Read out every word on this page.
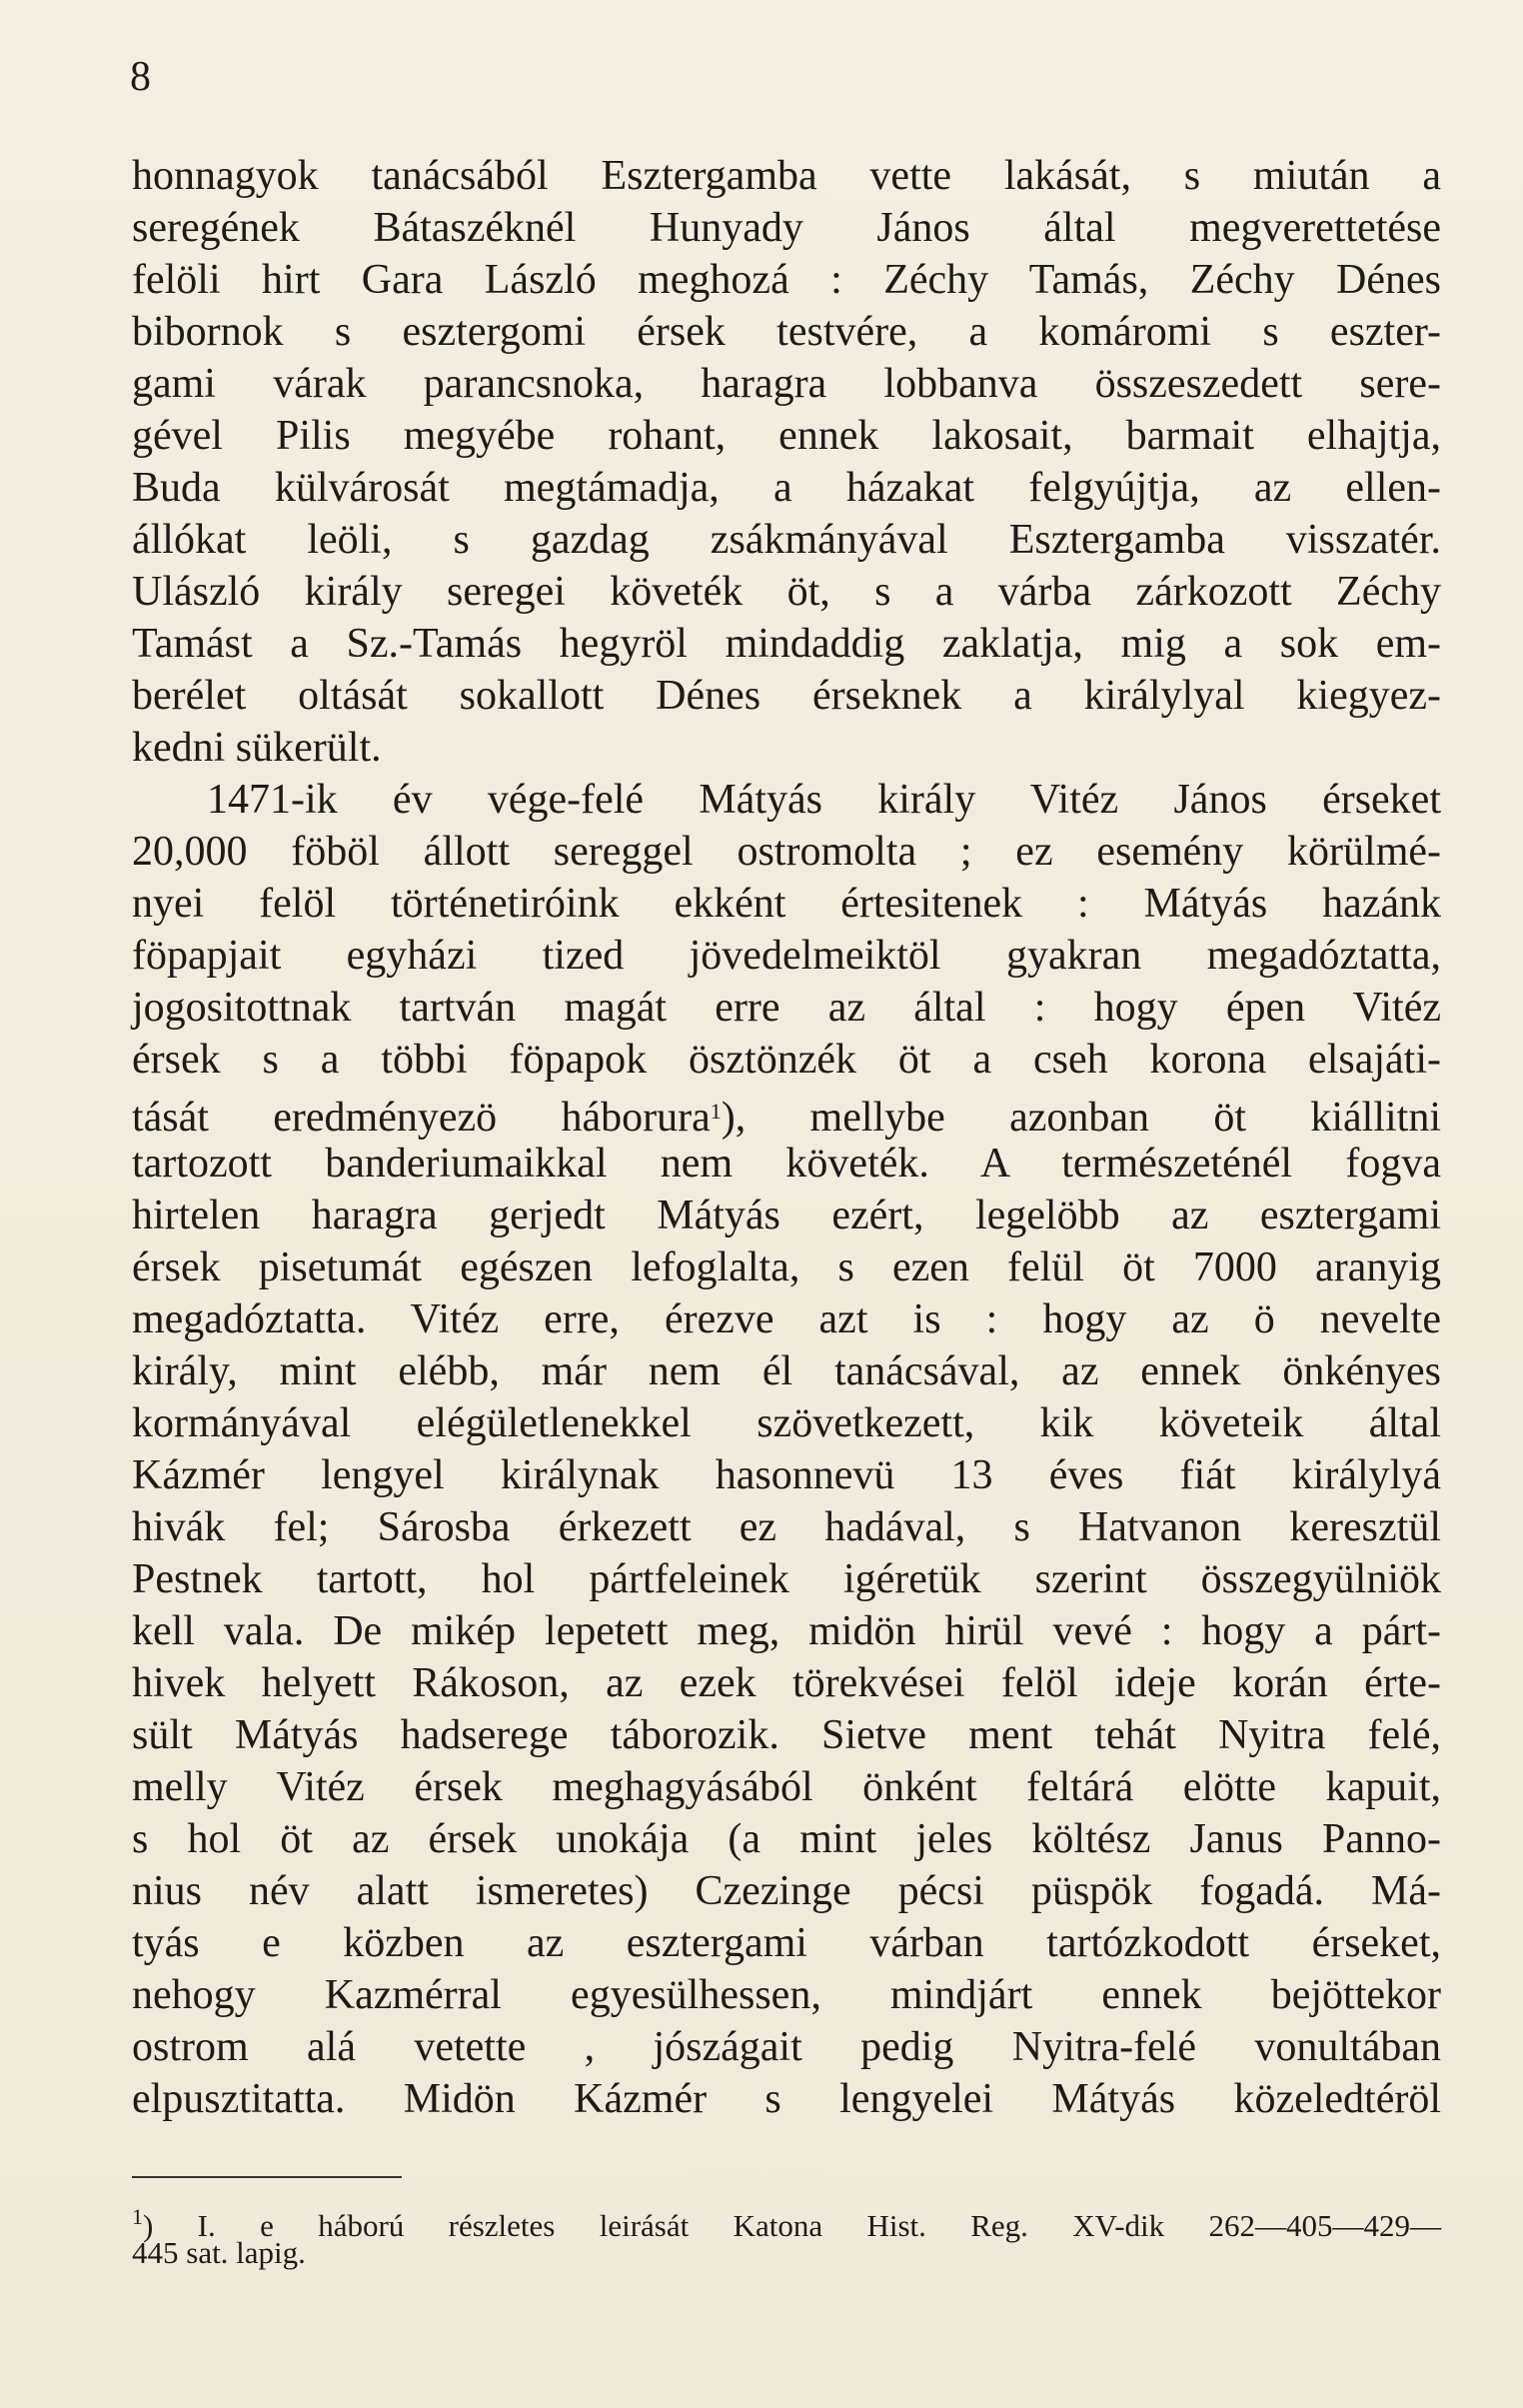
8
honnagyok tanácsából Esztergamba vette lakását, s miután a
seregének Bátaszéknél Hunyady János által megverettetése
felöli hirt Gara László meghozá : Zéchy Tamás, Zéchy Dénes
bibornok s esztergomi érsek testvére, a komáromi s eszter-
gami várak parancsnoka, haragra lobbanva összeszedett sere-
gével Pilis megyébe rohant, ennek lakosait, barmait elhajtja,
Buda külvárosát megtámadja, a házakat felgyújtja, az ellen-
állókat leöli, s gazdag zsákmányával Esztergamba visszatér.
Ulászló király seregei követék öt, s a várba zárkozott Zéchy
Tamást a Sz.-Tamás hegyröl mindaddig zaklatja, mig a sok em-
berélet oltását sokallott Dénes érseknek a királylyal kiegyez-
kedni sükerült.
1471-ik év vége-felé Mátyás király Vitéz János érseket
20,000 föböl állott sereggel ostromolta ; ez esemény körülmé-
nyei felöl történetiróink ekként értesitenek : Mátyás hazánk
föpapjait egyházi tized jövedelmeiktöl gyakran megadóztatta,
jogositottnak tartván magát erre az által : hogy épen Vitéz
érsek s a többi föpapok ösztönzék öt a cseh korona elsajáti-
tását eredményezö háborura$^1$), mellybe azonban öt kiállitni
tartozott banderiumaikkal nem követék. A természeténél fogva
hirtelen haragra gerjedt Mátyás ezért, legelöbb az esztergami
érsek pisetumát egészen lefoglalta, s ezen felül öt 7000 aranyig
megadóztatta. Vitéz erre, érezve azt is : hogy az ö nevelte
király, mint elébb, már nem él tanácsával, az ennek önkényes
kormányával elégületlenekkel szövetkezett, kik követeik által
Kázmér lengyel királynak hasonnevü 13 éves fiát királylyá
hivák fel; Sárosba érkezett ez hadával, s Hatvanon keresztül
Pestnek tartott, hol pártfeleinek igéretük szerint összegyülniök
kell vala. De mikép lepetett meg, midön hirül vevé : hogy a párt-
hivek helyett Rákoson, az ezek törekvései felöl ideje korán érte-
sült Mátyás hadserege táborozik. Sietve ment tehát Nyitra felé,
melly Vitéz érsek meghagyásából önként feltárá elötte kapuit,
s hol öt az érsek unokája (a mint jeles költész Janus Panno-
nius név alatt ismeretes) Czezinge pécsi püspök fogadá. Má-
tyás e közben az esztergami várban tartózkodott érseket,
nehogy Kazmérral egyesülhessen, mindjárt ennek bejöttekor
ostrom alá vetette , jószágait pedig Nyitra-felé vonultában
elpusztitatta. Midön Kázmér s lengyelei Mátyás közeledtéröl
$^1$) I. e háború részletes leirását Katona Hist. Reg. XV-dik 262—405—429—
445 sat. lapig.
